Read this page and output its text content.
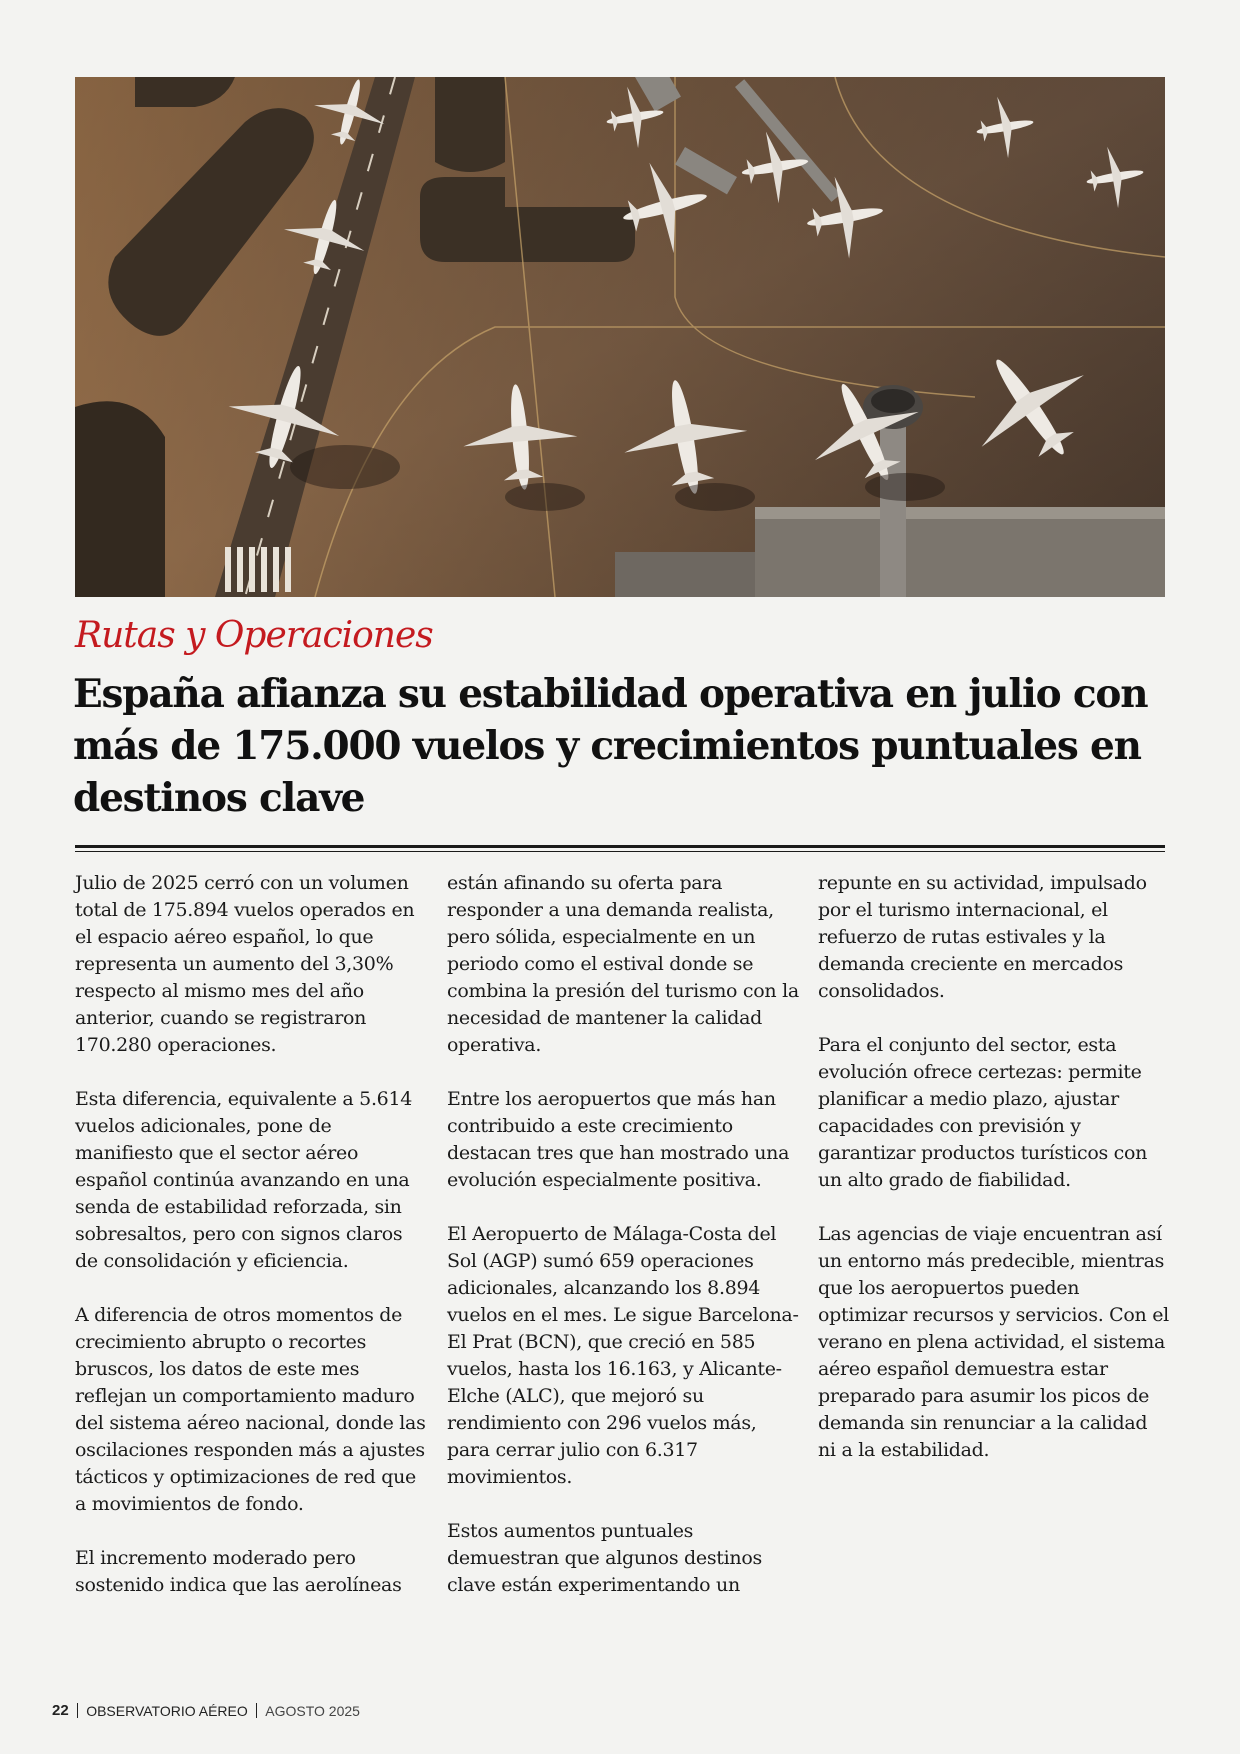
Rutas y Operaciones
España afianza su estabilidad operativa en julio con más de 175.000 vuelos y crecimientos puntuales en destinos clave

Julio de 2025 cerró con un volumen total de 175.894 vuelos operados en el espacio aéreo español, lo que representa un aumento del 3,30% respecto al mismo mes del año anterior, cuando se registraron 170.280 operaciones.

Esta diferencia, equivalente a 5.614 vuelos adicionales, pone de manifiesto que el sector aéreo español continúa avanzando en una senda de estabilidad reforzada, sin sobresaltos, pero con signos claros de consolidación y eficiencia.

A diferencia de otros momentos de crecimiento abrupto o recortes bruscos, los datos de este mes reflejan un comportamiento maduro del sistema aéreo nacional, donde las oscilaciones responden más a ajustes tácticos y optimizaciones de red que a movimientos de fondo.

El incremento moderado pero sostenido indica que las aerolíneas

están afinando su oferta para responder a una demanda realista, pero sólida, especialmente en un periodo como el estival donde se combina la presión del turismo con la necesidad de mantener la calidad operativa.

Entre los aeropuertos que más han contribuido a este crecimiento destacan tres que han mostrado una evolución especialmente positiva.

El Aeropuerto de Málaga-Costa del Sol (AGP) sumó 659 operaciones adicionales, alcanzando los 8.894 vuelos en el mes. Le sigue Barcelona-El Prat (BCN), que creció en 585 vuelos, hasta los 16.163, y Alicante-Elche (ALC), que mejoró su rendimiento con 296 vuelos más, para cerrar julio con 6.317 movimientos.

Estos aumentos puntuales demuestran que algunos destinos clave están experimentando un

repunte en su actividad, impulsado por el turismo internacional, el refuerzo de rutas estivales y la demanda creciente en mercados consolidados.

Para el conjunto del sector, esta evolución ofrece certezas: permite planificar a medio plazo, ajustar capacidades con previsión y garantizar productos turísticos con un alto grado de fiabilidad.

Las agencias de viaje encuentran así un entorno más predecible, mientras que los aeropuertos pueden optimizar recursos y servicios. Con el verano en plena actividad, el sistema aéreo español demuestra estar preparado para asumir los picos de demanda sin renunciar a la calidad ni a la estabilidad.

22 OBSERVATORIO AÉREO AGOSTO 2025
